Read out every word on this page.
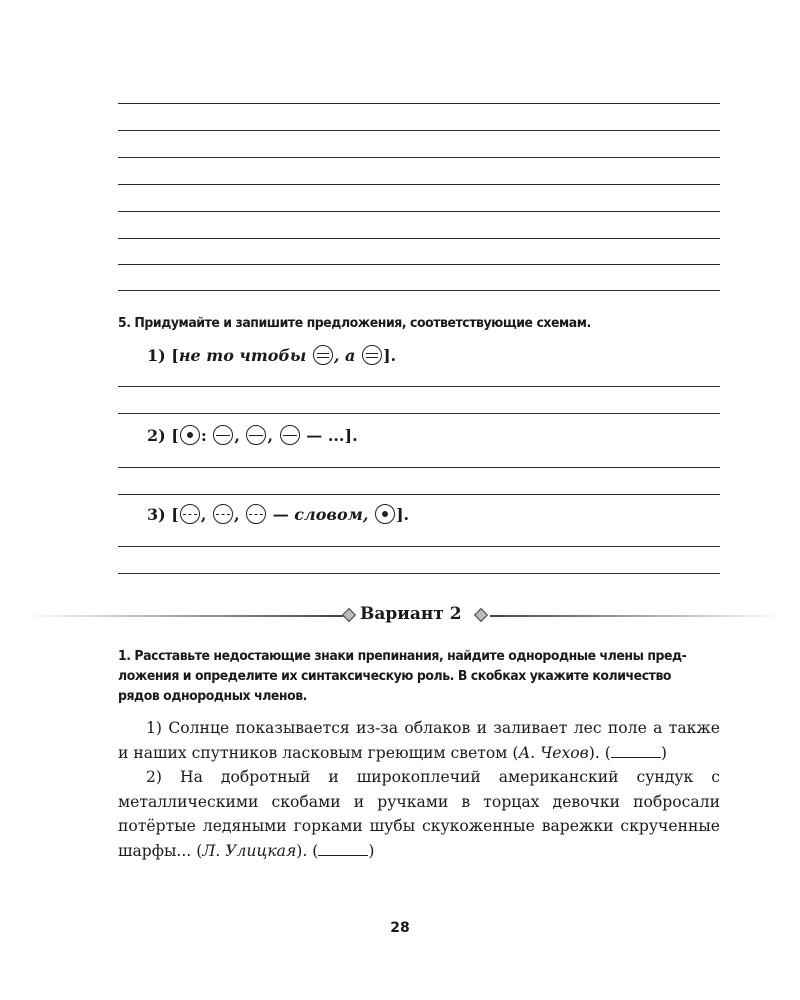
5. Придумайте и запишите предложения, соответствующие схемам.
1) [ не то чтобы
, а
].
2) [ :
,
,

— ...].
3) [ ,
,

— словом,
].
Вариант 2
1. Расставьте недостающие знаки препинания, найдите однородные члены пред-
ложения и определите их синтаксическую роль. В скобках укажите количество
рядов однородных членов.

1) Солнце показывается из-за облаков и заливает лес поле а также и наших спутников ласковым греющим светом (А. Чехов). (	)

2) На добротный и широкоплечий американский сундук с металлическими скобами и ручками в торцах девочки побросали потёртые ледяными горками шубы скукоженные варежки скрученные шарфы... (Л. Улицкая). (	)

28
